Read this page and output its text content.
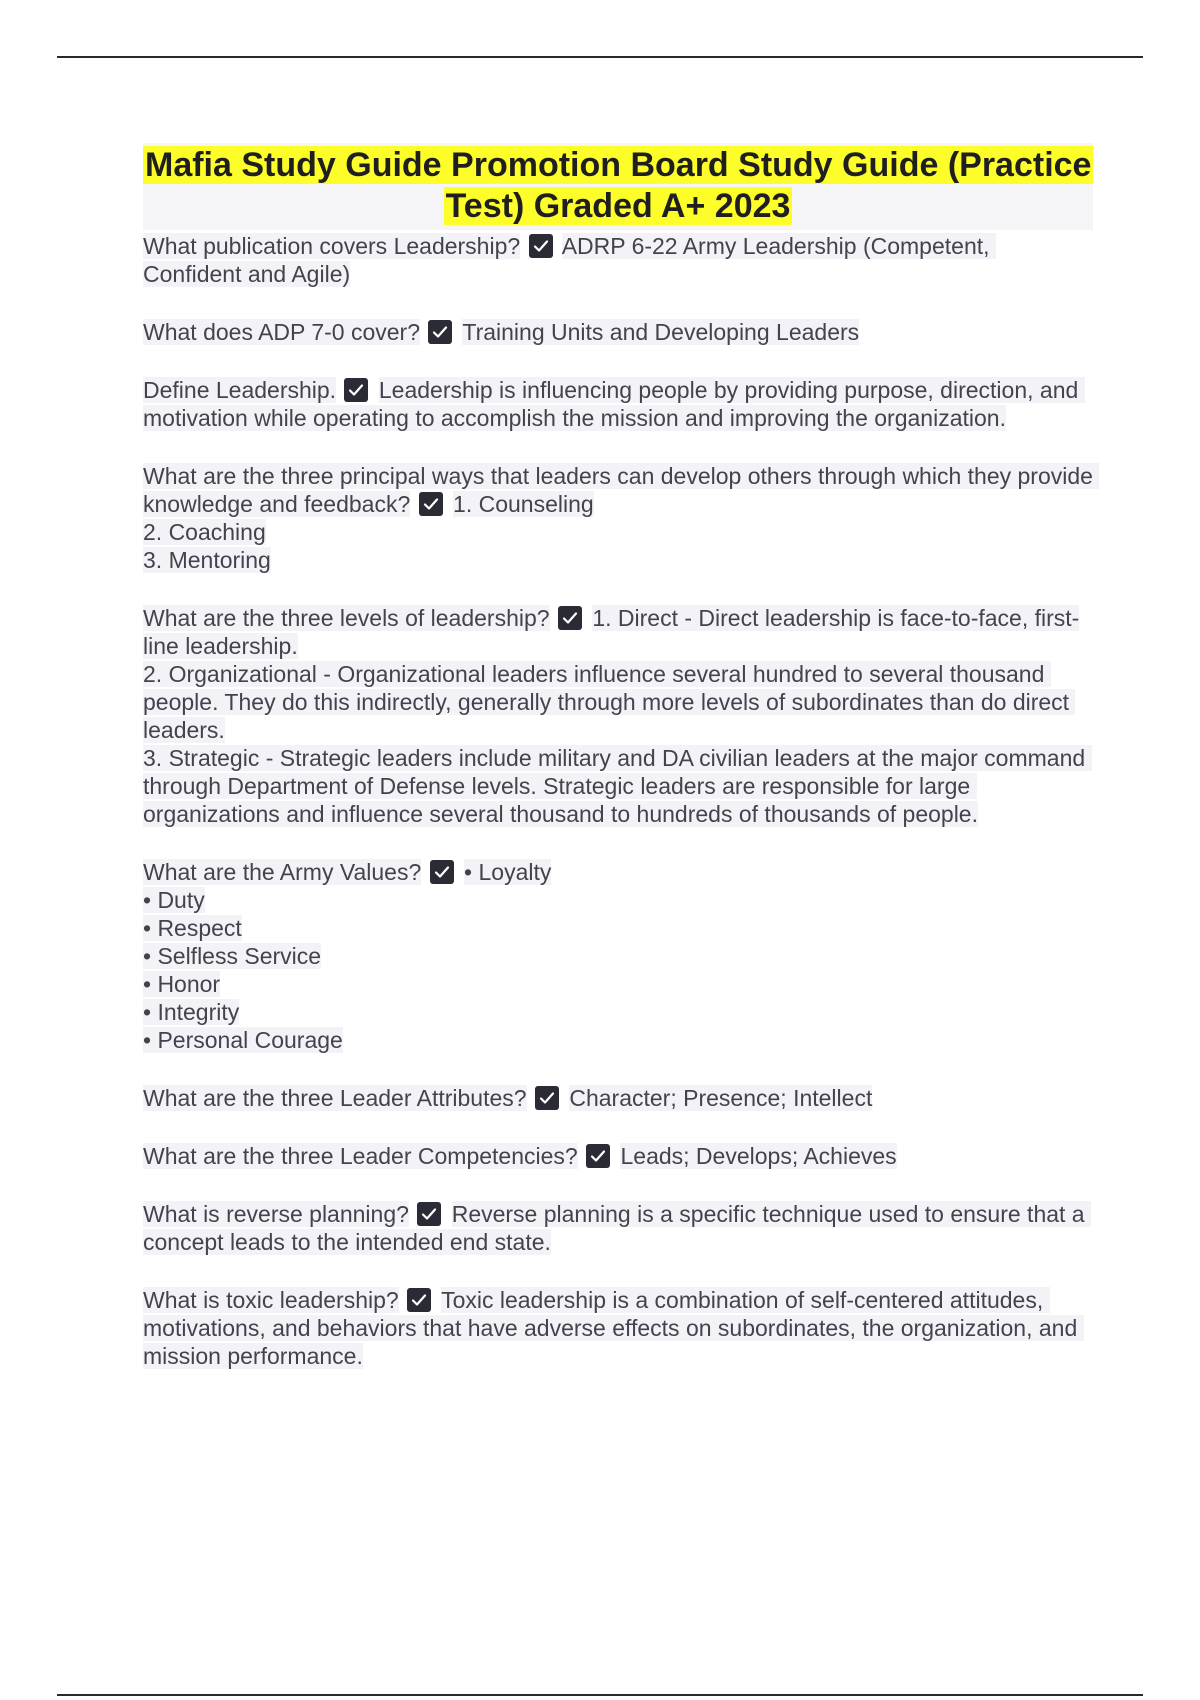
Mafia Study Guide Promotion Board Study Guide (Practice Test) Graded A+ 2023
What publication covers Leadership? ADRP 6-22 Army Leadership (Competent, Confident and Agile)
What does ADP 7-0 cover? Training Units and Developing Leaders
Define Leadership. Leadership is influencing people by providing purpose, direction, and motivation while operating to accomplish the mission and improving the organization.
What are the three principal ways that leaders can develop others through which they provide knowledge and feedback? 1. Counseling
2. Coaching
3. Mentoring
What are the three levels of leadership? 1. Direct - Direct leadership is face-to-face, first-line leadership.
2. Organizational - Organizational leaders influence several hundred to several thousand people. They do this indirectly, generally through more levels of subordinates than do direct leaders.
3. Strategic - Strategic leaders include military and DA civilian leaders at the major command through Department of Defense levels. Strategic leaders are responsible for large organizations and influence several thousand to hundreds of thousands of people.
What are the Army Values? • Loyalty
• Duty
• Respect
• Selfless Service
• Honor
• Integrity
• Personal Courage
What are the three Leader Attributes? Character; Presence; Intellect
What are the three Leader Competencies? Leads; Develops; Achieves
What is reverse planning? Reverse planning is a specific technique used to ensure that a concept leads to the intended end state.
What is toxic leadership? Toxic leadership is a combination of self-centered attitudes, motivations, and behaviors that have adverse effects on subordinates, the organization, and mission performance.
